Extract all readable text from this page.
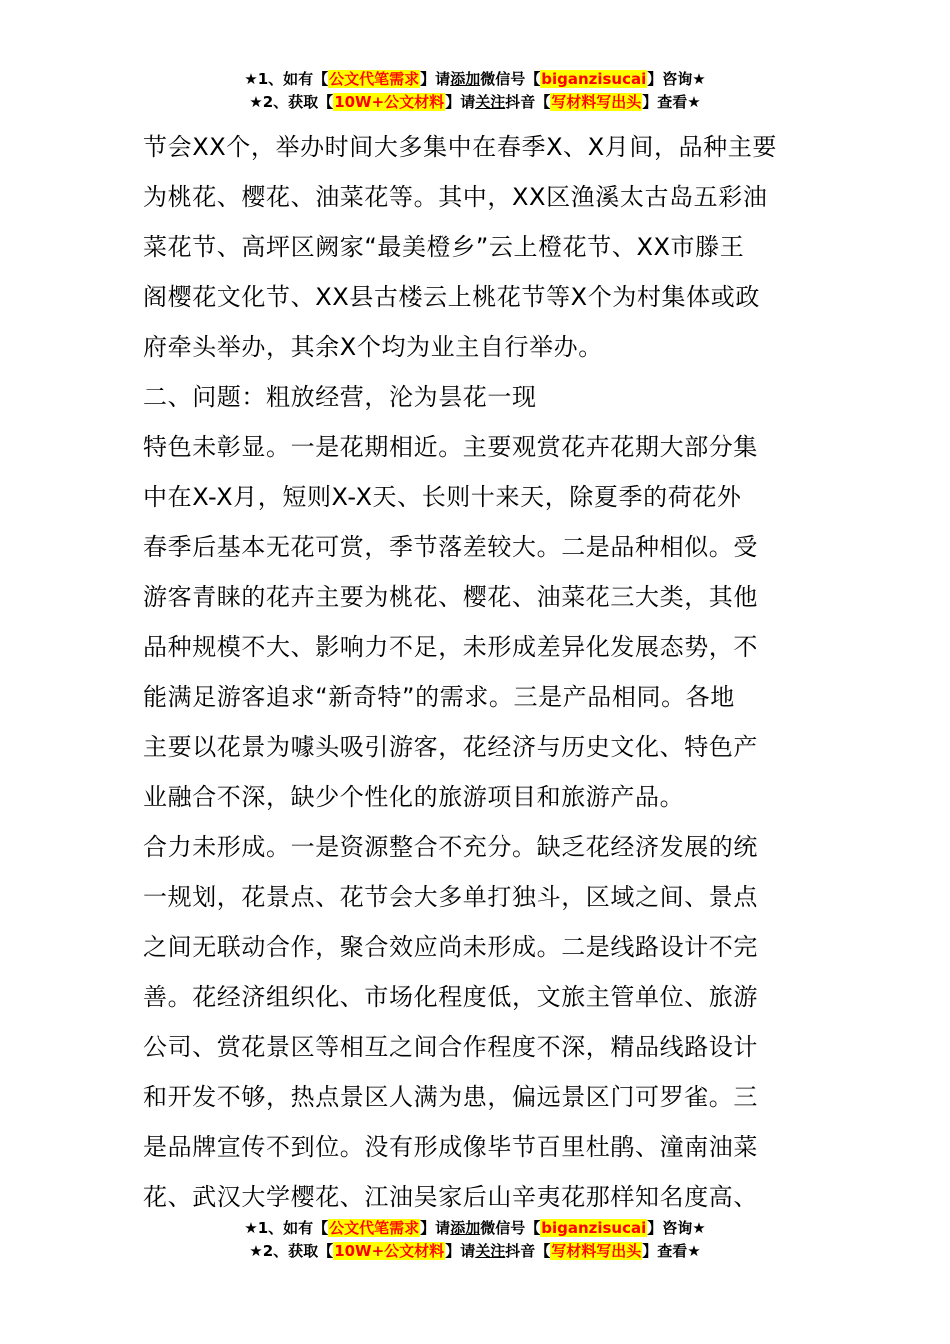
★1、如有【公文代笔需求】请添加微信号【biganzisucai】咨询★
★2、获取【10W+公文材料】请关注抖音【写材料写出头】查看★
节会XX个，举办时间大多集中在春季X、X月间，品种主要
为桃花、樱花、油菜花等。其中，XX区渔溪太古岛五彩油
菜花节、高坪区阙家“最美橙乡”云上橙花节、XX市滕王
阁樱花文化节、XX县古楼云上桃花节等X个为村集体或政
府牵头举办，其余X个均为业主自行举办。
二、问题：粗放经营，沦为昙花一现
特色未彰显。一是花期相近。主要观赏花卉花期大部分集
中在X-X月，短则X-X天、长则十来天，除夏季的荷花外
春季后基本无花可赏，季节落差较大。二是品种相似。受
游客青睐的花卉主要为桃花、樱花、油菜花三大类，其他
品种规模不大、影响力不足，未形成差异化发展态势，不
能满足游客追求“新奇特”的需求。三是产品相同。各地
主要以花景为噱头吸引游客，花经济与历史文化、特色产
业融合不深，缺少个性化的旅游项目和旅游产品。
合力未形成。一是资源整合不充分。缺乏花经济发展的统
一规划，花景点、花节会大多单打独斗，区域之间、景点
之间无联动合作，聚合效应尚未形成。二是线路设计不完
善。花经济组织化、市场化程度低，文旅主管单位、旅游
公司、赏花景区等相互之间合作程度不深，精品线路设计
和开发不够，热点景区人满为患，偏远景区门可罗雀。三
是品牌宣传不到位。没有形成像毕节百里杜鹃、潼南油菜
花、武汉大学樱花、江油吴家后山辛夷花那样知名度高、
★1、如有【公文代笔需求】请添加微信号【biganzisucai】咨询★
★2、获取【10W+公文材料】请关注抖音【写材料写出头】查看★
